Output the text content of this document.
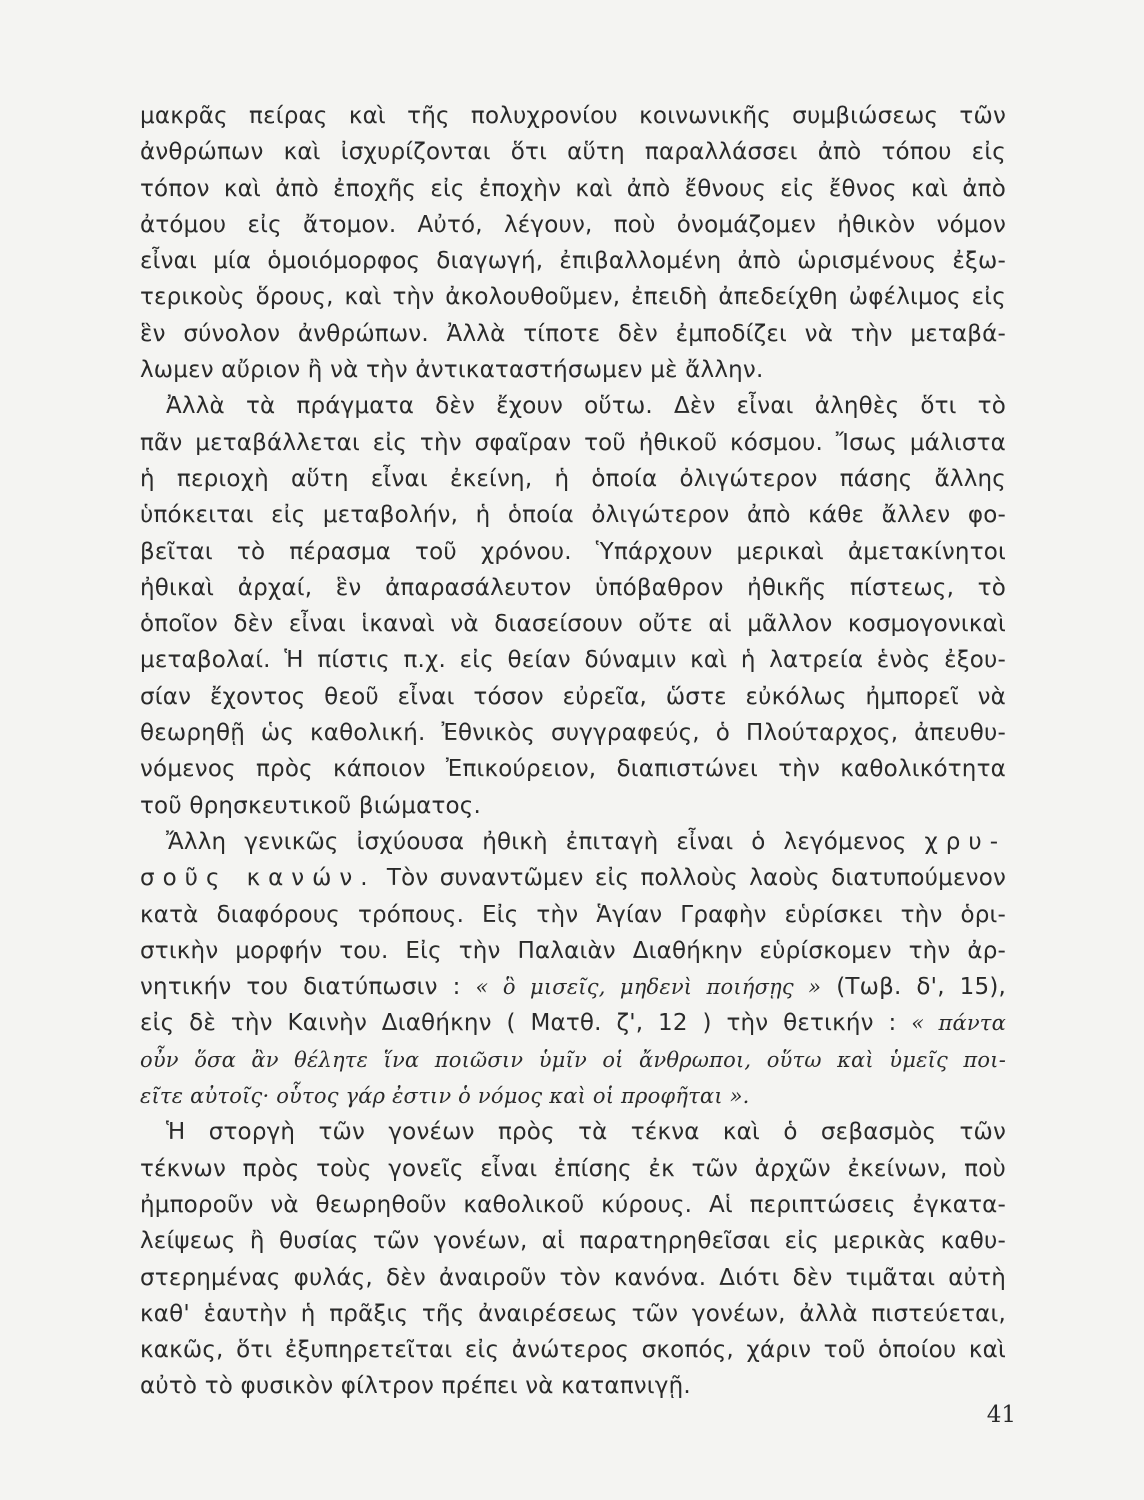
μακρᾶς πείρας καὶ τῆς πολυχρονίου κοινωνικῆς συμβιώσεως τῶν
ἀνθρώπων καὶ ἰσχυρίζονται ὅτι αὕτη παραλλάσσει ἀπὸ τόπου εἰς
τόπον καὶ ἀπὸ ἐποχῆς εἰς ἐποχὴν καὶ ἀπὸ ἔθνους εἰς ἔθνος καὶ ἀπὸ
ἀτόμου εἰς ἄτομον. Αὐτό, λέγουν, ποὺ ὀνομάζομεν ἠθικὸν νόμον
εἶναι μία ὁμοιόμορφος διαγωγή, ἐπιβαλλομένη ἀπὸ ὡρισμένους ἐξω-
τερικοὺς ὅρους, καὶ τὴν ἀκολουθοῦμεν, ἐπειδὴ ἀπεδείχθη ὠφέλιμος εἰς
ἓν σύνολον ἀνθρώπων. Ἀλλὰ τίποτε δὲν ἐμποδίζει νὰ τὴν μεταβά-
λωμεν αὔριον ἢ νὰ τὴν ἀντικαταστήσωμεν μὲ ἄλλην.
Ἀλλὰ τὰ πράγματα δὲν ἔχουν οὕτω. Δὲν εἶναι ἀληθὲς ὅτι τὸ
πᾶν μεταβάλλεται εἰς τὴν σφαῖραν τοῦ ἠθικοῦ κόσμου. Ἴσως μάλιστα
ἡ περιοχὴ αὕτη εἶναι ἐκείνη, ἡ ὁποία ὀλιγώτερον πάσης ἄλλης
ὑπόκειται εἰς μεταβολήν, ἡ ὁποία ὀλιγώτερον ἀπὸ κάθε ἄλλεν φο-
βεῖται τὸ πέρασμα τοῦ χρόνου. Ὑπάρχουν μερικαὶ ἀμετακίνητοι
ἠθικαὶ ἀρχαί, ἓν ἀπαρασάλευτον ὑπόβαθρον ἠθικῆς πίστεως, τὸ
ὁποῖον δὲν εἶναι ἱκαναὶ νὰ διασείσουν οὔτε αἱ μᾶλλον κοσμογονικαὶ
μεταβολαί. Ἡ πίστις π.χ. εἰς θείαν δύναμιν καὶ ἡ λατρεία ἑνὸς ἐξου-
σίαν ἔχοντος θεοῦ εἶναι τόσον εὐρεῖα, ὥστε εὐκόλως ἠμπορεῖ νὰ
θεωρηθῇ ὡς καθολική. Ἐθνικὸς συγγραφεύς, ὁ Πλούταρχος, ἀπευθυ-
νόμενος πρὸς κάποιον Ἐπικούρειον, διαπιστώνει τὴν καθολικότητα
τοῦ θρησκευτικοῦ βιώματος.
Ἄλλη γενικῶς ἰσχύουσα ἠθικὴ ἐπιταγὴ εἶναι ὁ λεγόμενος χρυ-
σοῦς κανών. Τὸν συναντῶμεν εἰς πολλοὺς λαοὺς διατυπούμενον
κατὰ διαφόρους τρόπους. Εἰς τὴν Ἁγίαν Γραφὴν εὑρίσκει τὴν ὁρι-
στικὴν μορφήν του. Εἰς τὴν Παλαιὰν Διαθήκην εὑρίσκομεν τὴν ἀρ-
νητικήν του διατύπωσιν : « ὃ μισεῖς, μηδενὶ ποιήσῃς » (Τωβ. δ', 15),
εἰς δὲ τὴν Καινὴν Διαθήκην ( Ματθ. ζ', 12 ) τὴν θετικήν : « πάντα
οὖν ὅσα ἂν θέλητε ἵνα ποιῶσιν ὑμῖν οἱ ἄνθρωποι, οὕτω καὶ ὑμεῖς ποι-
εῖτε αὐτοῖς· οὗτος γάρ ἐστιν ὁ νόμος καὶ οἱ προφῆται ».
Ἡ στοργὴ τῶν γονέων πρὸς τὰ τέκνα καὶ ὁ σεβασμὸς τῶν
τέκνων πρὸς τοὺς γονεῖς εἶναι ἐπίσης ἐκ τῶν ἀρχῶν ἐκείνων, ποὺ
ἠμποροῦν νὰ θεωρηθοῦν καθολικοῦ κύρους. Αἱ περιπτώσεις ἐγκατα-
λείψεως ἢ θυσίας τῶν γονέων, αἱ παρατηρηθεῖσαι εἰς μερικὰς καθυ-
στερημένας φυλάς, δὲν ἀναιροῦν τὸν κανόνα. Διότι δὲν τιμᾶται αὐτὴ
καθ' ἑαυτὴν ἡ πρᾶξις τῆς ἀναιρέσεως τῶν γονέων, ἀλλὰ πιστεύεται,
κακῶς, ὅτι ἐξυπηρετεῖται εἰς ἀνώτερος σκοπός, χάριν τοῦ ὁποίου καὶ
αὐτὸ τὸ φυσικὸν φίλτρον πρέπει νὰ καταπνιγῇ.
41
